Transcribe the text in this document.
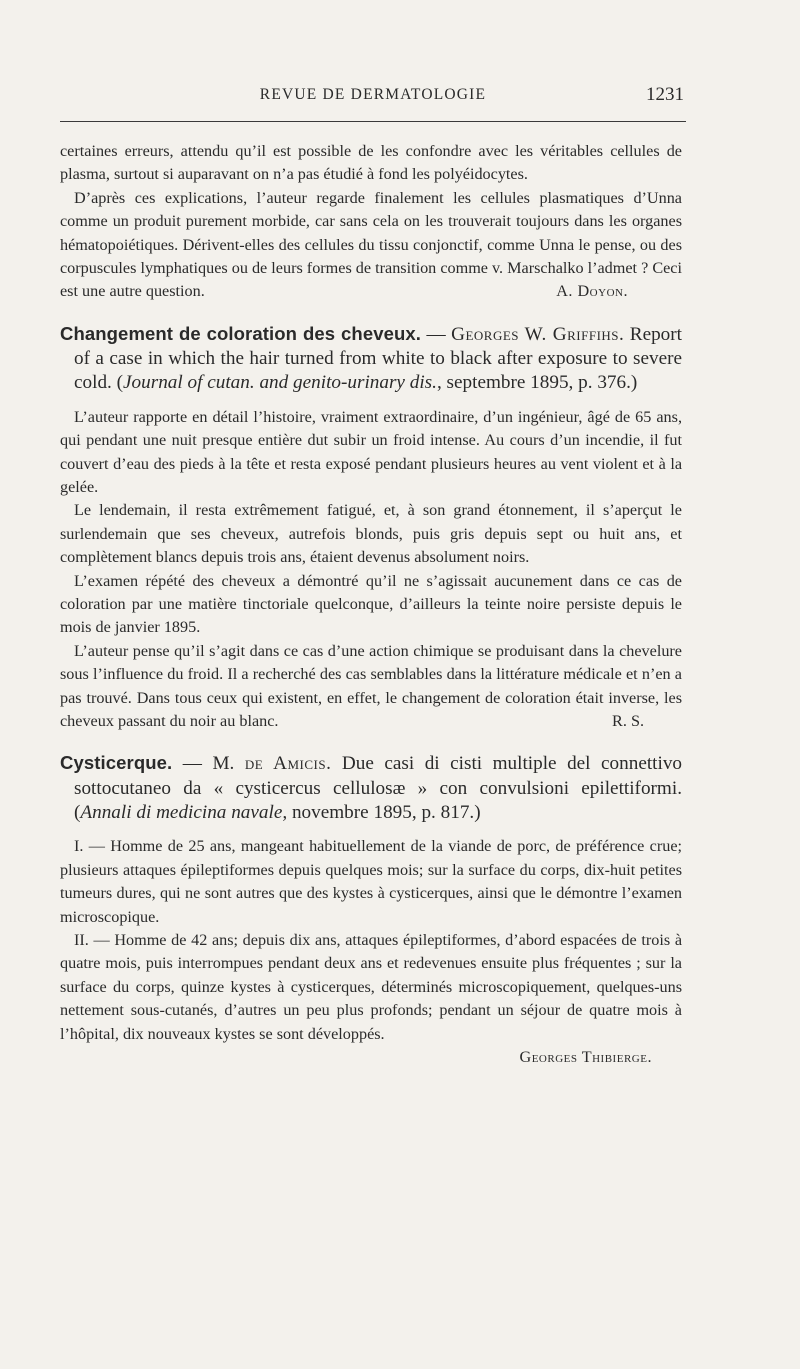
REVUE DE DERMATOLOGIE	1231

certaines erreurs, attendu qu’il est possible de les confondre avec les véritables cellules de plasma, surtout si auparavant on n’a pas étudié à fond les polyéidocytes.

D’après ces explications, l’auteur regarde finalement les cellules plasmatiques d’Unna comme un produit purement morbide, car sans cela on les trouverait toujours dans les organes hématopoiétiques. Dérivent-elles des cellules du tissu conjonctif, comme Unna le pense, ou des corpuscules lymphatiques ou de leurs formes de transition comme v. Marschalko l’admet ? Ceci est une autre question.	A. Doyon.

Changement de coloration des cheveux. — Georges W. Griffihs. Report of a case in which the hair turned from white to black after exposure to severe cold. (Journal of cutan. and genito-urinary dis., septembre 1895, p. 376.)

L’auteur rapporte en détail l’histoire, vraiment extraordinaire, d’un ingénieur, âgé de 65 ans, qui pendant une nuit presque entière dut subir un froid intense. Au cours d’un incendie, il fut couvert d’eau des pieds à la tête et resta exposé pendant plusieurs heures au vent violent et à la gelée.

Le lendemain, il resta extrêmement fatigué, et, à son grand étonnement, il s’aperçut le surlendemain que ses cheveux, autrefois blonds, puis gris depuis sept ou huit ans, et complètement blancs depuis trois ans, étaient devenus absolument noirs.

L’examen répété des cheveux a démontré qu’il ne s’agissait aucunement dans ce cas de coloration par une matière tinctoriale quelconque, d’ailleurs la teinte noire persiste depuis le mois de janvier 1895.

L’auteur pense qu’il s’agit dans ce cas d’une action chimique se produisant dans la chevelure sous l’influence du froid. Il a recherché des cas semblables dans la littérature médicale et n’en a pas trouvé. Dans tous ceux qui existent, en effet, le changement de coloration était inverse, les cheveux passant du noir au blanc.	R. S.

Cysticerque. — M. de Amicis. Due casi di cisti multiple del connettivo sottocutaneo da « cysticercus cellulosæ » con convulsioni epilettiformi. (Annali di medicina navale, novembre 1895, p. 817.)

I. — Homme de 25 ans, mangeant habituellement de la viande de porc, de préférence crue; plusieurs attaques épileptiformes depuis quelques mois; sur la surface du corps, dix-huit petites tumeurs dures, qui ne sont autres que des kystes à cysticerques, ainsi que le démontre l’examen microscopique.

II. — Homme de 42 ans; depuis dix ans, attaques épileptiformes, d’abord espacées de trois à quatre mois, puis interrompues pendant deux ans et redevenues ensuite plus fréquentes ; sur la surface du corps, quinze kystes à cysticerques, déterminés microscopiquement, quelques-uns nettement sous-cutanés, d’autres un peu plus profonds; pendant un séjour de quatre mois à l’hôpital, dix nouveaux kystes se sont développés.

Georges Thibierge.
